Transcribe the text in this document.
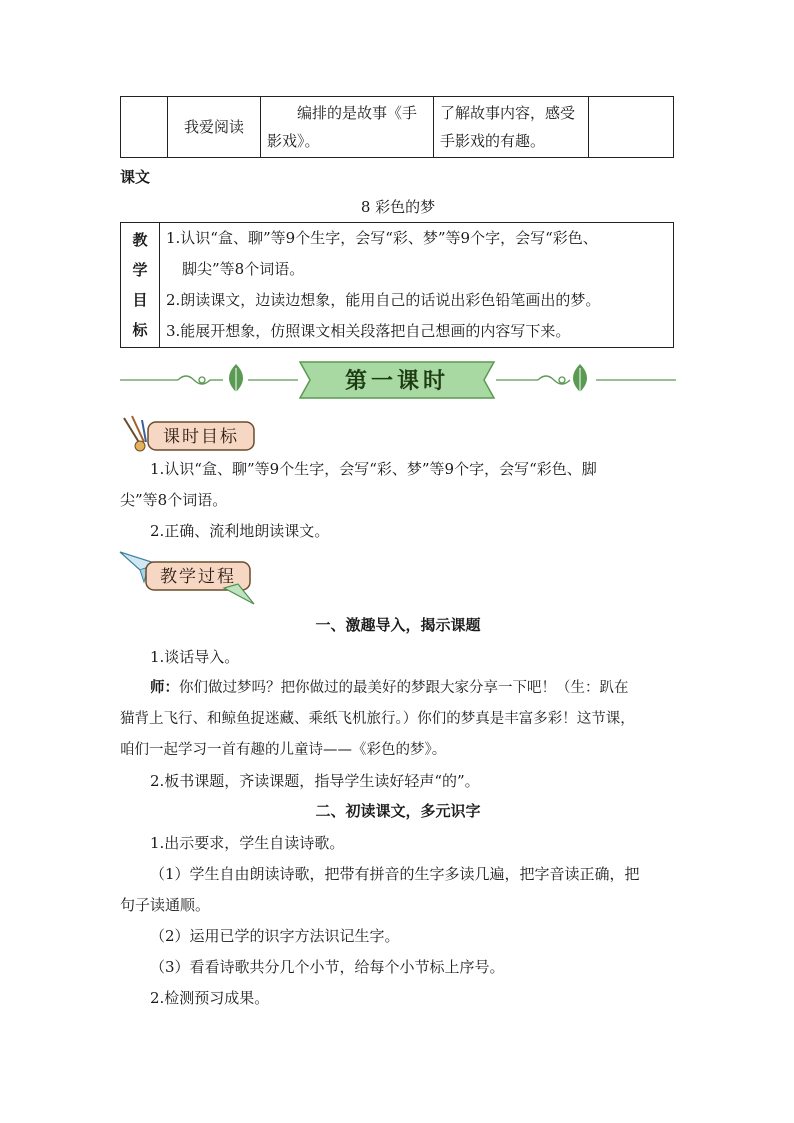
	我爱阅读	
编排的是故事《手
影戏》。

了解故事内容，感受
手影戏的有趣。

课文
8 彩色的梦
教
学
目
标

1.认识“盒、聊”等9个生字，会写“彩、梦”等9个字，会写“彩色、
脚尖”等8个词语。
2.朗读课文，边读边想象，能用自己的话说出彩色铅笔画出的梦。
3.能展开想象，仿照课文相关段落把自己想画的内容写下来。
第一课时
课时目标
1.认识“盒、聊”等9个生字，会写“彩、梦”等9个字，会写“彩色、脚
尖”等8个词语。
2.正确、流利地朗读课文。
教学过程
一、激趣导入，揭示课题
1.谈话导入。
师：你们做过梦吗？把你做过的最美好的梦跟大家分享一下吧！（生：趴在
猫背上飞行、和鲸鱼捉迷藏、乘纸飞机旅行。）你们的梦真是丰富多彩！这节课，
咱们一起学习一首有趣的儿童诗——《彩色的梦》。
2.板书课题，齐读课题，指导学生读好轻声“的”。
二、初读课文，多元识字
1.出示要求，学生自读诗歌。
（1）学生自由朗读诗歌，把带有拼音的生字多读几遍，把字音读正确，把
句子读通顺。
（2）运用已学的识字方法识记生字。
（3）看看诗歌共分几个小节，给每个小节标上序号。
2.检测预习成果。
